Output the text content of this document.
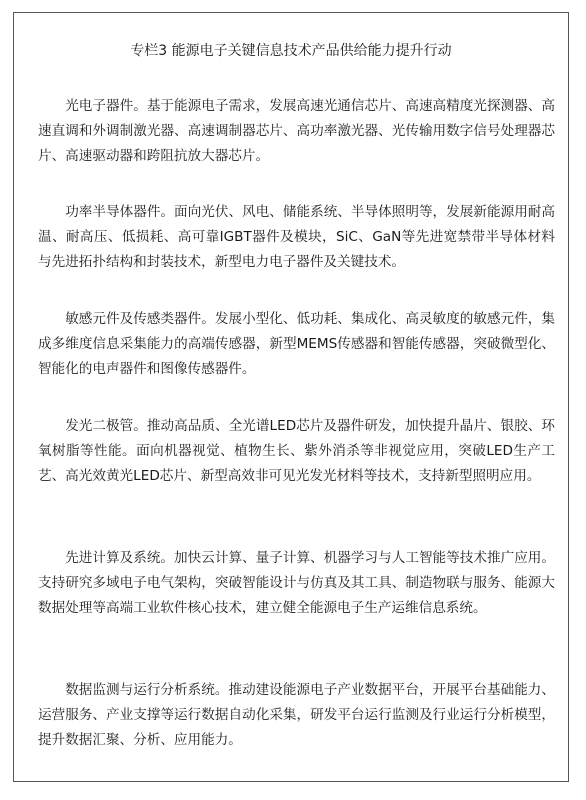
专栏3 能源电子关键信息技术产品供给能力提升行动

光电子器件。基于能源电子需求，发展高速光通信芯片、高速高精度光探测器、高速直调和外调制激光器、高速调制器芯片、高功率激光器、光传输用数字信号处理器芯片、高速驱动器和跨阻抗放大器芯片。

功率半导体器件。面向光伏、风电、储能系统、半导体照明等，发展新能源用耐高温、耐高压、低损耗、高可靠IGBT器件及模块，SiC、GaN等先进宽禁带半导体材料与先进拓扑结构和封装技术，新型电力电子器件及关键技术。

敏感元件及传感类器件。发展小型化、低功耗、集成化、高灵敏度的敏感元件，集成多维度信息采集能力的高端传感器，新型MEMS传感器和智能传感器，突破微型化、智能化的电声器件和图像传感器件。

发光二极管。推动高品质、全光谱LED芯片及器件研发，加快提升晶片、银胶、环氧树脂等性能。面向机器视觉、植物生长、紫外消杀等非视觉应用，突破LED生产工艺、高光效黄光LED芯片、新型高效非可见光发光材料等技术，支持新型照明应用。

先进计算及系统。加快云计算、量子计算、机器学习与人工智能等技术推广应用。支持研究多域电子电气架构，突破智能设计与仿真及其工具、制造物联与服务、能源大数据处理等高端工业软件核心技术，建立健全能源电子生产运维信息系统。

数据监测与运行分析系统。推动建设能源电子产业数据平台，开展平台基础能力、运营服务、产业支撑等运行数据自动化采集，研发平台运行监测及行业运行分析模型，提升数据汇聚、分析、应用能力。
